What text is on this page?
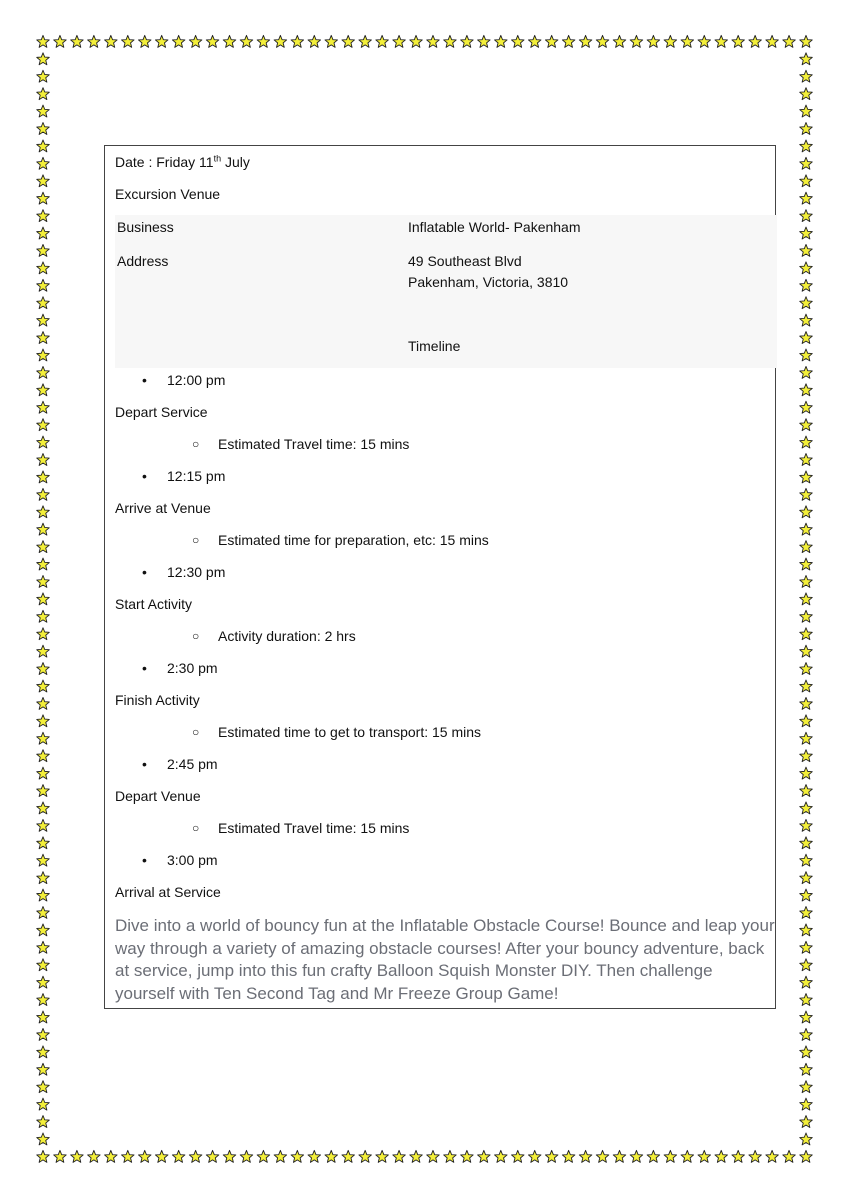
Date : Friday 11th July
Excursion Venue
Business	Inflatable World- Pakenham
Address	49 Southeast Blvd
Pakenham, Victoria, 3810
Timeline
• 12:00 pm
Depart Service
○ Estimated Travel time: 15 mins
• 12:15 pm
Arrive at Venue
○ Estimated time for preparation, etc: 15 mins
• 12:30 pm
Start Activity
○ Activity duration: 2 hrs
• 2:30 pm
Finish Activity
○ Estimated time to get to transport: 15 mins
• 2:45 pm
Depart Venue
○ Estimated Travel time: 15 mins
• 3:00 pm
Arrival at Service
Dive into a world of bouncy fun at the Inflatable Obstacle Course! Bounce and leap your way through a variety of amazing obstacle courses! After your bouncy adventure, back at service, jump into this fun crafty Balloon Squish Monster DIY. Then challenge yourself with Ten Second Tag and Mr Freeze Group Game!
